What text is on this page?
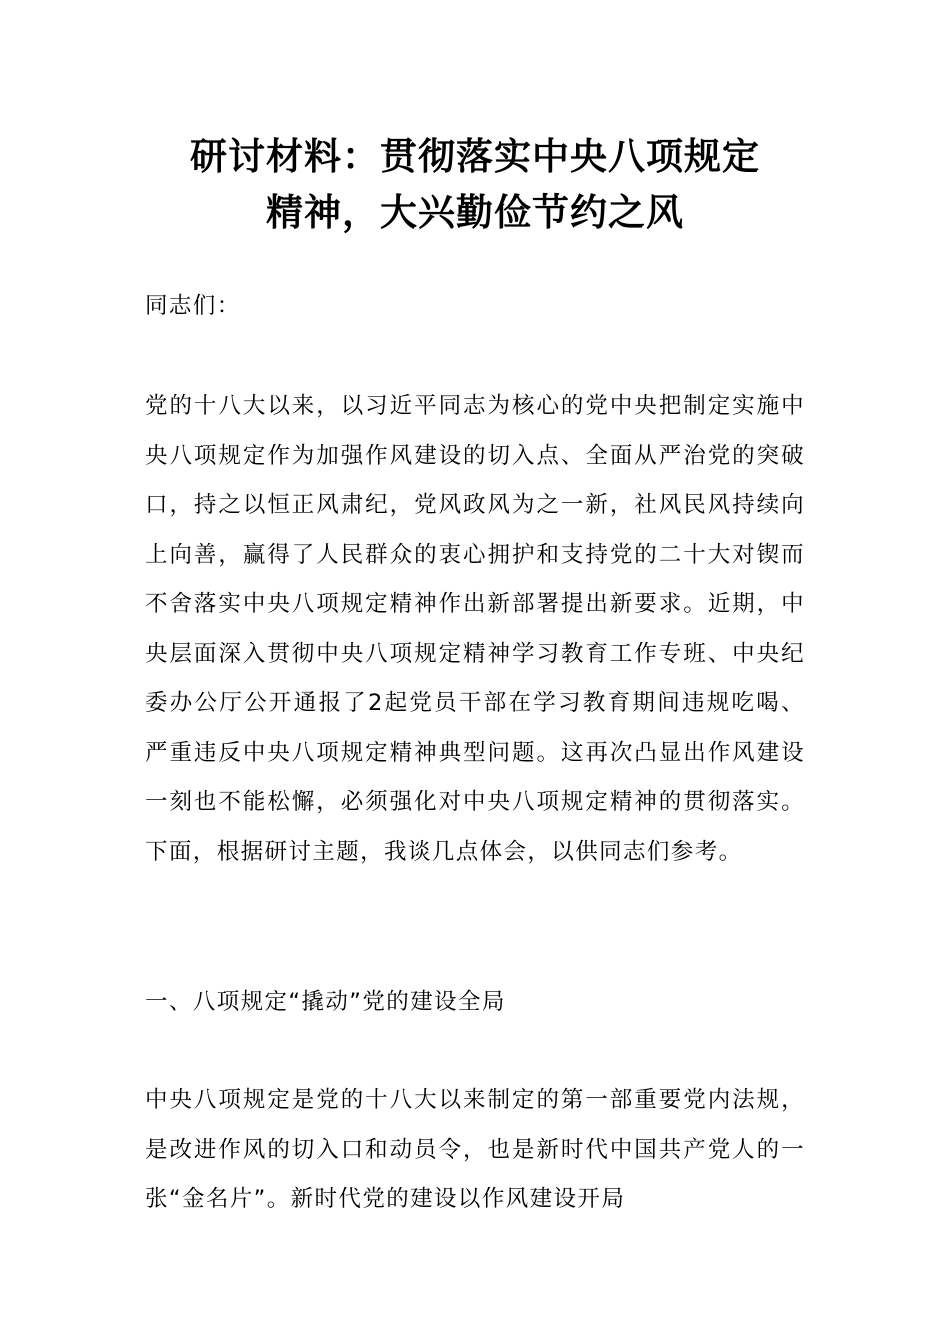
研讨材料：贯彻落实中央八项规定
精神，大兴勤俭节约之风

同志们：

党的十八大以来，以习近平同志为核心的党中央把制定实施中央八项规定作为加强作风建设的切入点、全面从严治党的突破口，持之以恒正风肃纪，党风政风为之一新，社风民风持续向上向善，赢得了人民群众的衷心拥护和支持党的二十大对锲而不舍落实中央八项规定精神作出新部署提出新要求。近期，中央层面深入贯彻中央八项规定精神学习教育工作专班、中央纪委办公厅公开通报了2起党员干部在学习教育期间违规吃喝、严重违反中央八项规定精神典型问题。这再次凸显出作风建设一刻也不能松懈，必须强化对中央八项规定精神的贯彻落实。下面，根据研讨主题，我谈几点体会，以供同志们参考。

一、八项规定“撬动”党的建设全局

中央八项规定是党的十八大以来制定的第一部重要党内法规，是改进作风的切入口和动员令，也是新时代中国共产党人的一张“金名片”。新时代党的建设以作风建设开局
